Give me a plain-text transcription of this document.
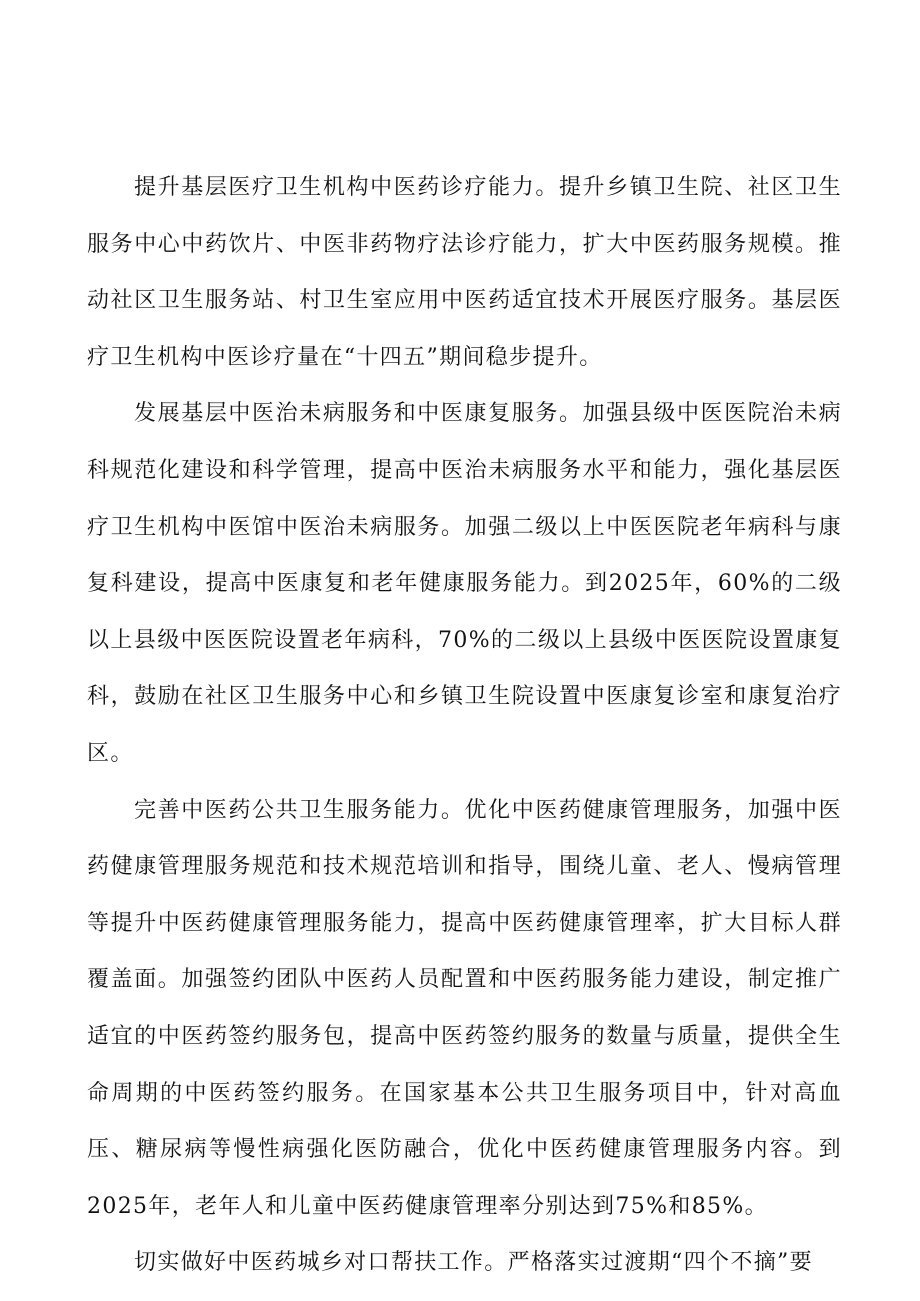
提升基层医疗卫生机构中医药诊疗能力。提升乡镇卫生院、社区卫生服务中心中药饮片、中医非药物疗法诊疗能力，扩大中医药服务规模。推动社区卫生服务站、村卫生室应用中医药适宜技术开展医疗服务。基层医疗卫生机构中医诊疗量在“十四五”期间稳步提升。

发展基层中医治未病服务和中医康复服务。加强县级中医医院治未病科规范化建设和科学管理，提高中医治未病服务水平和能力，强化基层医疗卫生机构中医馆中医治未病服务。加强二级以上中医医院老年病科与康复科建设，提高中医康复和老年健康服务能力。到2025年，60%的二级以上县级中医医院设置老年病科，70%的二级以上县级中医医院设置康复科，鼓励在社区卫生服务中心和乡镇卫生院设置中医康复诊室和康复治疗区。

完善中医药公共卫生服务能力。优化中医药健康管理服务，加强中医药健康管理服务规范和技术规范培训和指导，围绕儿童、老人、慢病管理等提升中医药健康管理服务能力，提高中医药健康管理率，扩大目标人群覆盖面。加强签约团队中医药人员配置和中医药服务能力建设，制定推广适宜的中医药签约服务包，提高中医药签约服务的数量与质量，提供全生命周期的中医药签约服务。在国家基本公共卫生服务项目中，针对高血压、糖尿病等慢性病强化医防融合，优化中医药健康管理服务内容。到2025年，老年人和儿童中医药健康管理率分别达到75%和85%。

切实做好中医药城乡对口帮扶工作。严格落实过渡期“四个不摘”要
